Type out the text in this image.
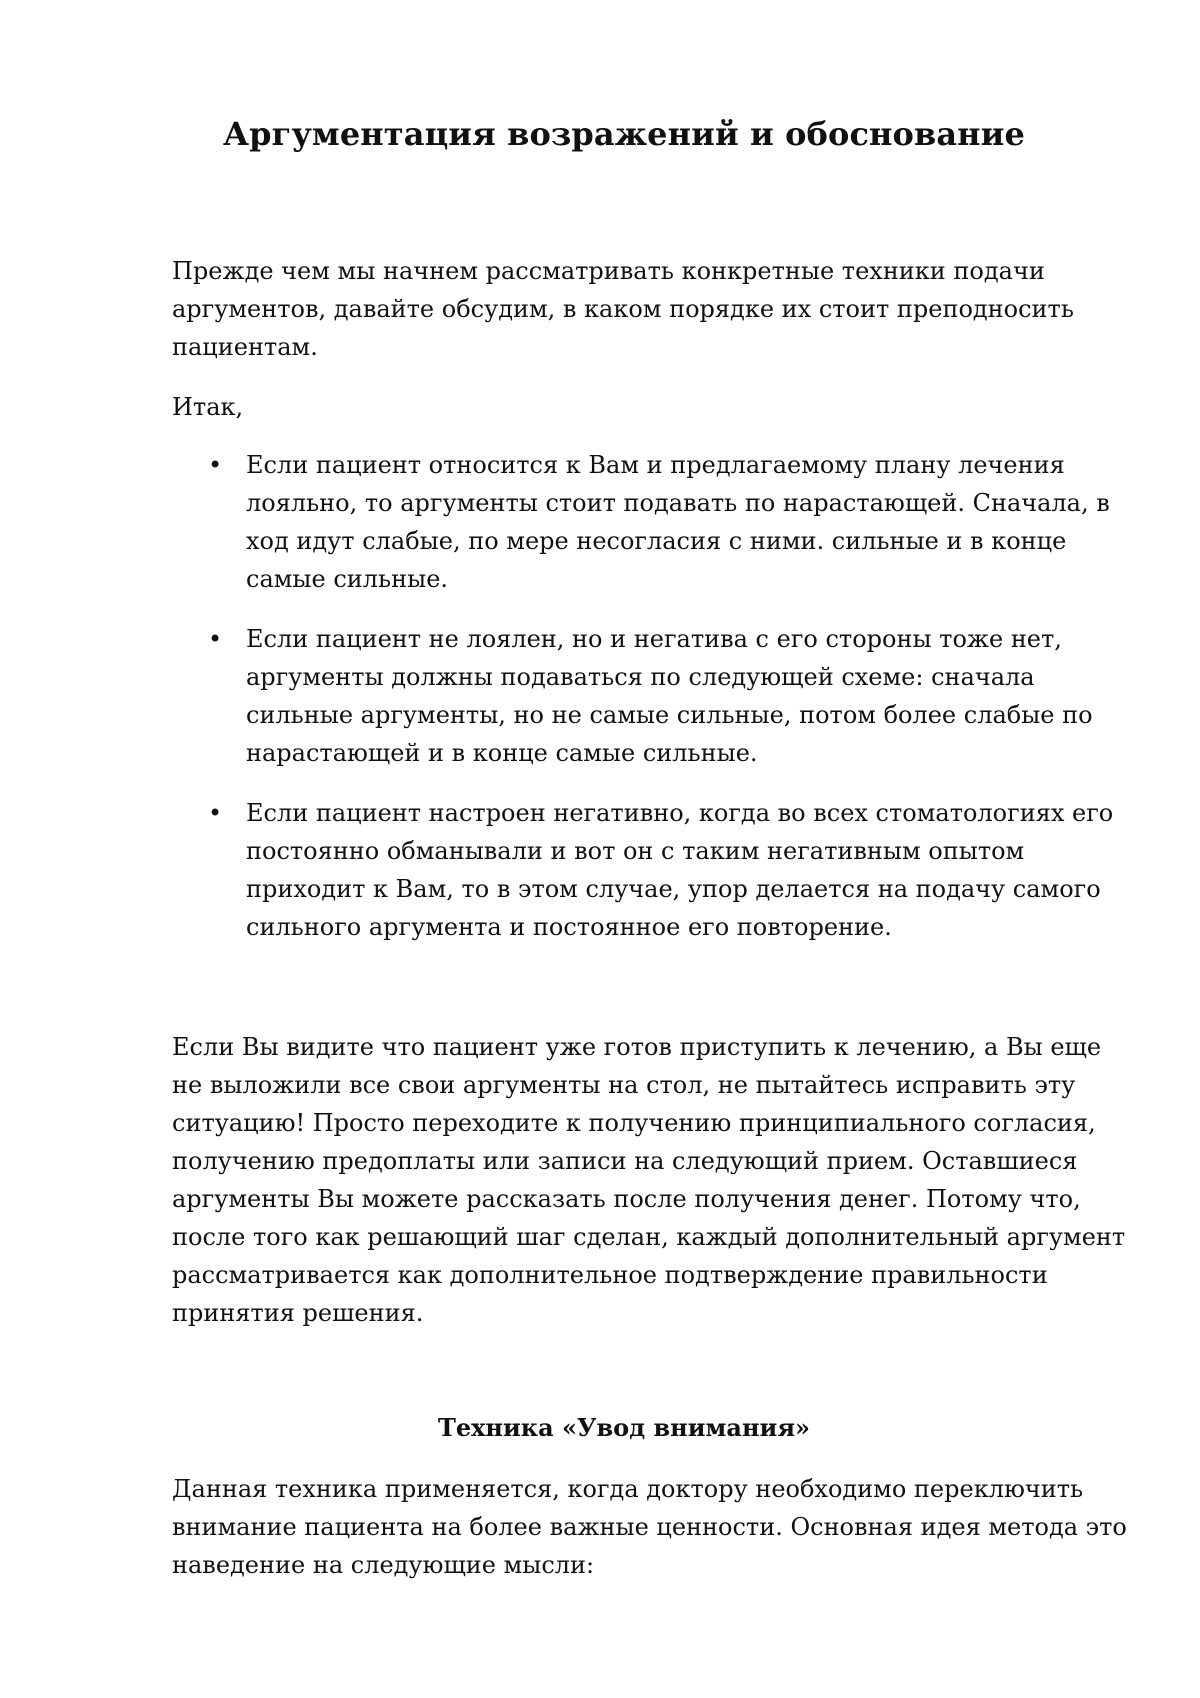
Аргументация возражений и обоснование

Прежде чем мы начнем рассматривать конкретные техники подачи аргументов, давайте обсудим, в каком порядке их стоит преподносить пациентам.

Итак,

• Если пациент относится к Вам и предлагаемому плану лечения лояльно, то аргументы стоит подавать по нарастающей. Сначала, в ход идут слабые, по мере несогласия с ними. сильные и в конце самые сильные.
• Если пациент не лоялен, но и негатива с его стороны тоже нет, аргументы должны подаваться по следующей схеме: сначала сильные аргументы, но не самые сильные, потом более слабые по нарастающей и в конце самые сильные.
• Если пациент настроен негативно, когда во всех стоматологиях его постоянно обманывали и вот он с таким негативным опытом приходит к Вам, то в этом случае, упор делается на подачу самого сильного аргумента и постоянное его повторение.

Если Вы видите что пациент уже готов приступить к лечению, а Вы еще не выложили все свои аргументы на стол, не пытайтесь исправить эту ситуацию! Просто переходите к получению принципиального согласия, получению предоплаты или записи на следующий прием. Оставшиеся аргументы Вы можете рассказать после получения денег. Потому что, после того как решающий шаг сделан, каждый дополнительный аргумент рассматривается как дополнительное подтверждение правильности принятия решения.

Техника «Увод внимания»

Данная техника применяется, когда доктору необходимо переключить внимание пациента на более важные ценности. Основная идея метода это наведение на следующие мысли:
